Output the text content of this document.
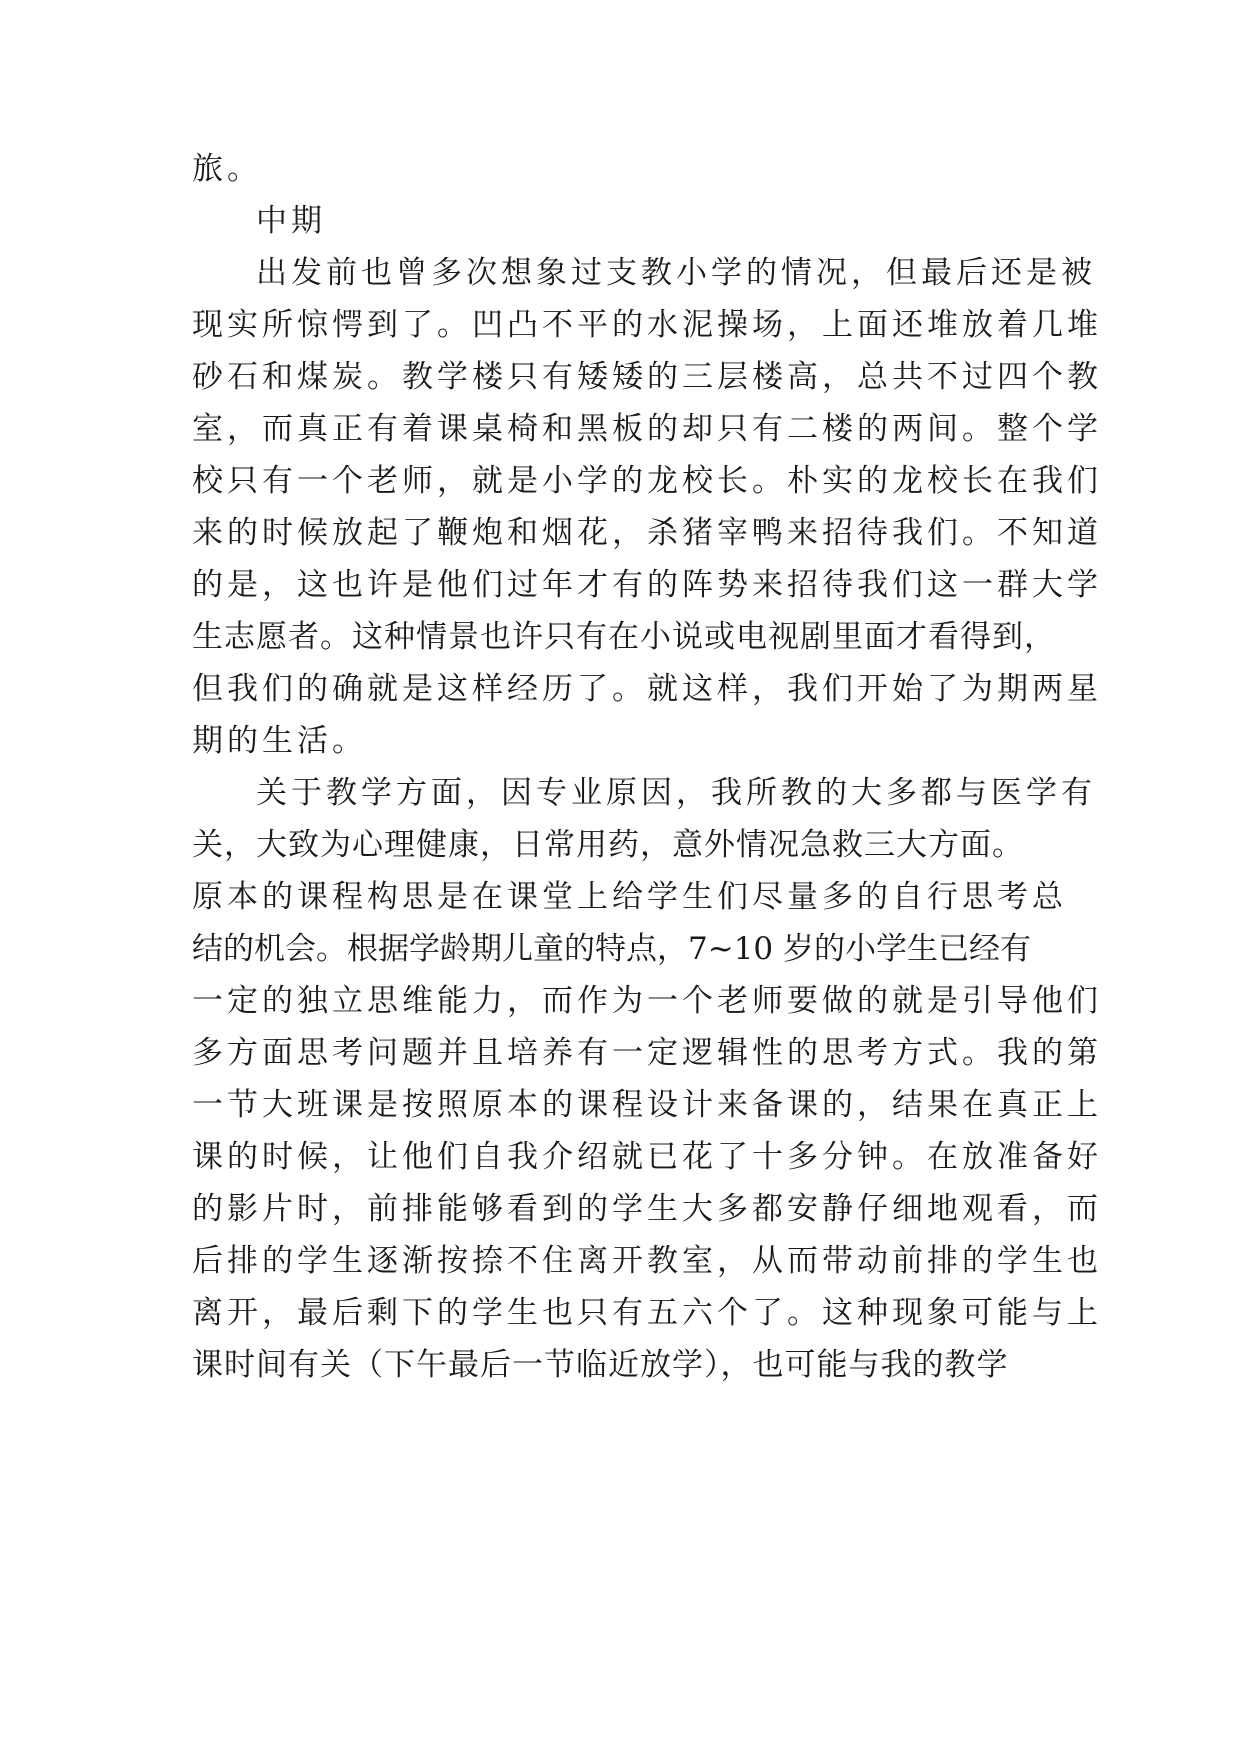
旅。
中期
出发前也曾多次想象过支教小学的情况，但最后还是被
现实所惊愕到了。凹凸不平的水泥操场，上面还堆放着几堆
砂石和煤炭。教学楼只有矮矮的三层楼高，总共不过四个教
室，而真正有着课桌椅和黑板的却只有二楼的两间。整个学
校只有一个老师，就是小学的龙校长。朴实的龙校长在我们
来的时候放起了鞭炮和烟花，杀猪宰鸭来招待我们。不知道
的是，这也许是他们过年才有的阵势来招待我们这一群大学
生志愿者。这种情景也许只有在小说或电视剧里面才看得到，
但我们的确就是这样经历了。就这样，我们开始了为期两星
期的生活。
关于教学方面，因专业原因，我所教的大多都与医学有
关，大致为心理健康，日常用药，意外情况急救三大方面。
原本的课程构思是在课堂上给学生们尽量多的自行思考总
结的机会。根据学龄期儿童的特点，7~10 岁的小学生已经有
一定的独立思维能力，而作为一个老师要做的就是引导他们
多方面思考问题并且培养有一定逻辑性的思考方式。我的第
一节大班课是按照原本的课程设计来备课的，结果在真正上
课的时候，让他们自我介绍就已花了十多分钟。在放准备好
的影片时，前排能够看到的学生大多都安静仔细地观看，而
后排的学生逐渐按捺不住离开教室，从而带动前排的学生也
离开，最后剩下的学生也只有五六个了。这种现象可能与上
课时间有关（下午最后一节临近放学），也可能与我的教学
